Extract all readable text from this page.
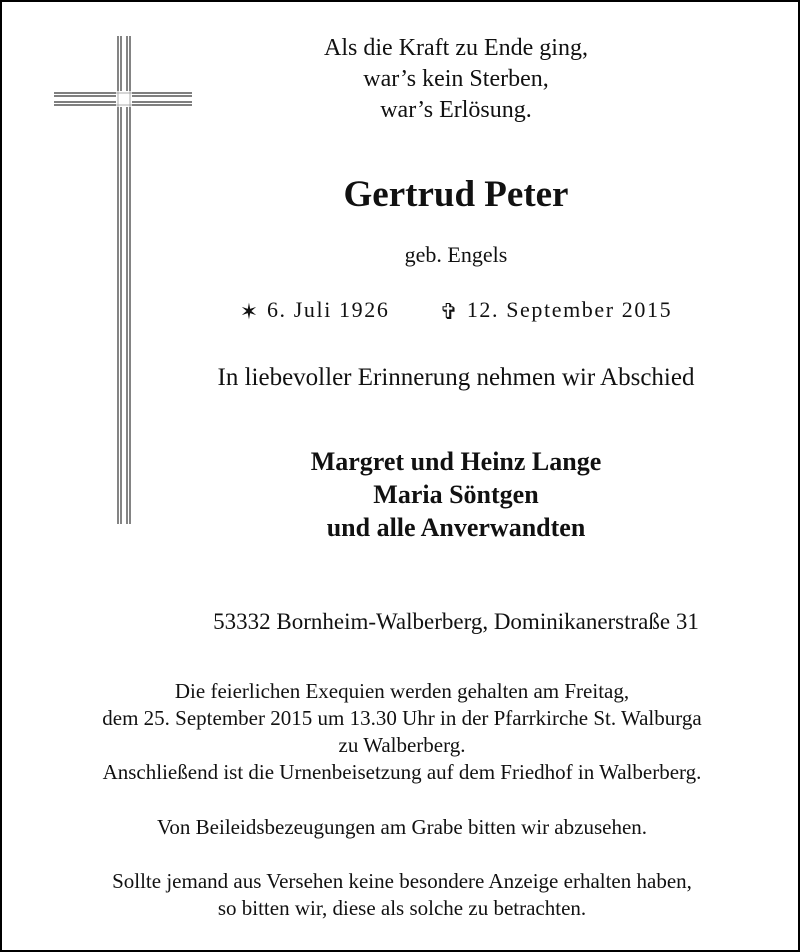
Als die Kraft zu Ende ging,

war’s kein Sterben,

war’s Erlösung.

Gertrud Peter

geb. Engels

✶ 6. Juli 1926 ✞ 12. September 2015

In liebevoller Erinnerung nehmen wir Abschied

Margret und Heinz Lange

Maria Söntgen

und alle Anverwandten

53332 Bornheim-Walberberg, Dominikanerstraße 31

Die feierlichen Exequien werden gehalten am Freitag,

dem 25. September 2015 um 13.30 Uhr in der Pfarrkirche St. Walburga

zu Walberberg.

Anschließend ist die Urnenbeisetzung auf dem Friedhof in Walberberg.

Von Beileidsbezeugungen am Grabe bitten wir abzusehen.

Sollte jemand aus Versehen keine besondere Anzeige erhalten haben,

so bitten wir, diese als solche zu betrachten.
